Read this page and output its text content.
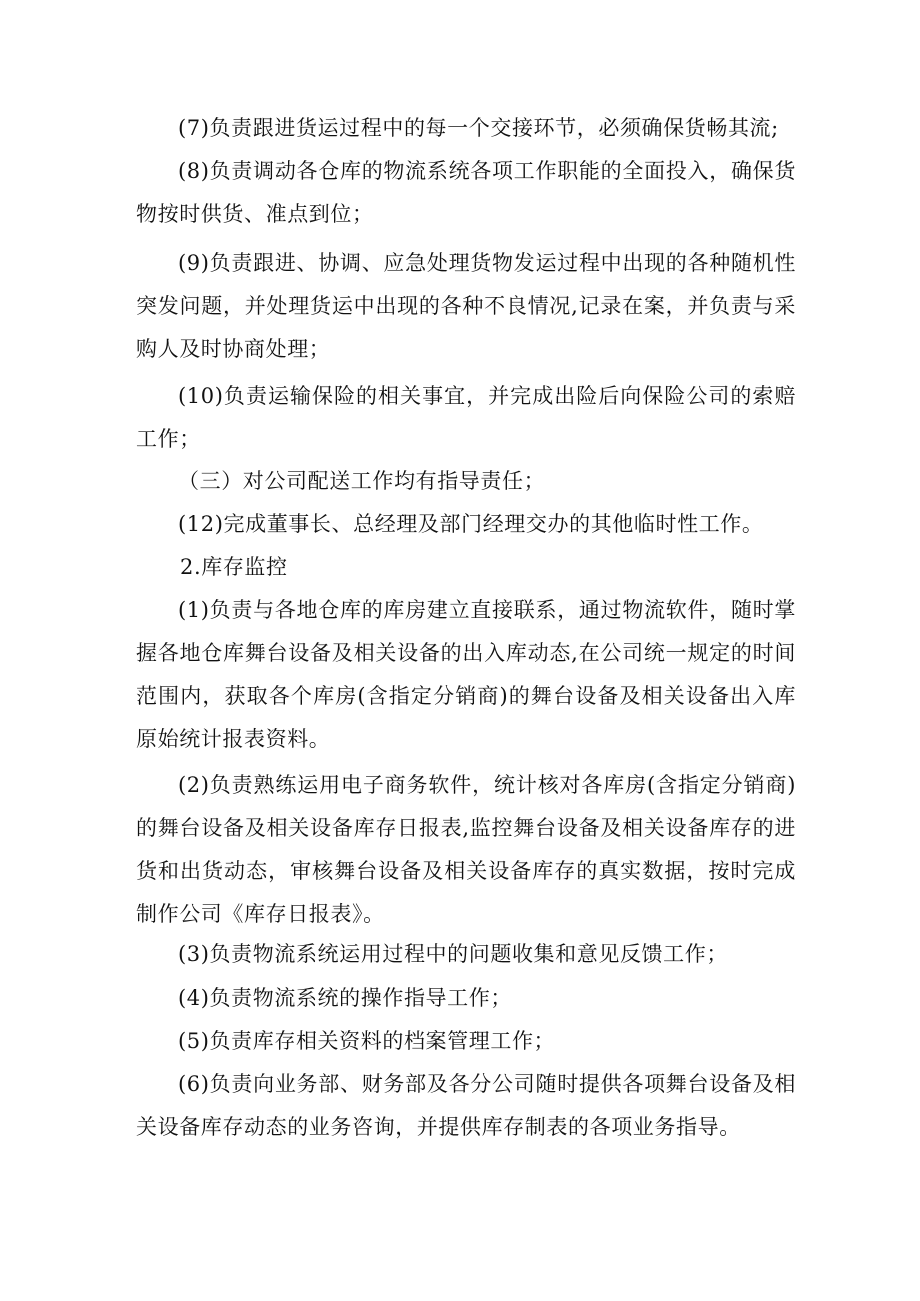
(7)负责跟进货运过程中的每一个交接环节，必须确保货畅其流;

(8)负责调动各仓库的物流系统各项工作职能的全面投入，确保货物按时供货、准点到位；

(9)负责跟进、协调、应急处理货物发运过程中出现的各种随机性突发问题，并处理货运中出现的各种不良情况,记录在案，并负责与采购人及时协商处理；

(10)负责运输保险的相关事宜，并完成出险后向保险公司的索赔工作；

（三）对公司配送工作均有指导责任；

(12)完成董事长、总经理及部门经理交办的其他临时性工作。

2.库存监控

(1)负责与各地仓库的库房建立直接联系，通过物流软件，随时掌握各地仓库舞台设备及相关设备的出入库动态,在公司统一规定的时间范围内，获取各个库房(含指定分销商)的舞台设备及相关设备出入库原始统计报表资料。

(2)负责熟练运用电子商务软件，统计核对各库房(含指定分销商)的舞台设备及相关设备库存日报表,监控舞台设备及相关设备库存的进货和出货动态，审核舞台设备及相关设备库存的真实数据，按时完成制作公司《库存日报表》。

(3)负责物流系统运用过程中的问题收集和意见反馈工作；

(4)负责物流系统的操作指导工作；

(5)负责库存相关资料的档案管理工作；

(6)负责向业务部、财务部及各分公司随时提供各项舞台设备及相关设备库存动态的业务咨询，并提供库存制表的各项业务指导。
